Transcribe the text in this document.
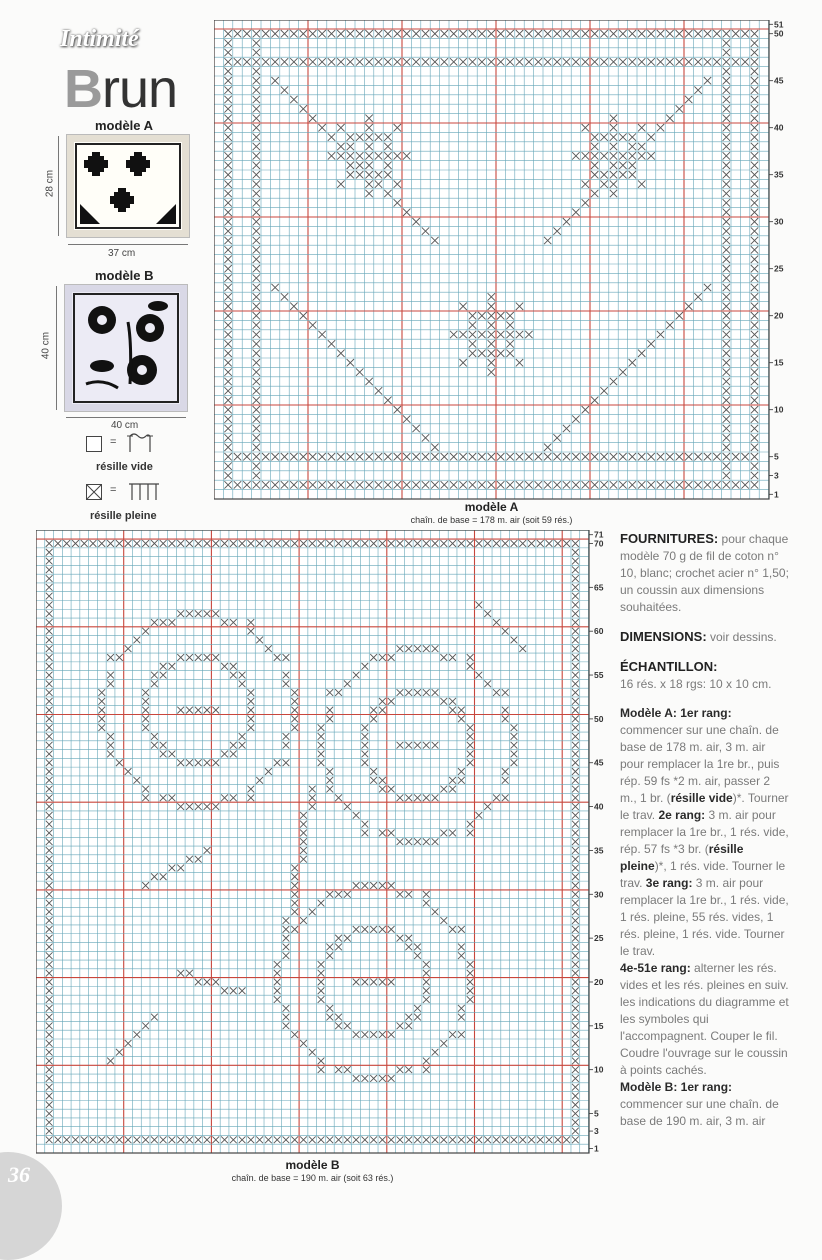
Intimité
Brun
modèle A
28 cm
37 cm
modèle B
40 cm
40 cm
=
résille vide
=
résille pleine
51
50
45
40
35
30
25
20
15
10
5
3
1
modèle A
chaîn. de base = 178 m. air (soit 59 rés.)
71
70
65
60
55
50
45
40
35
30
25
20
15
10
5
3
1
modèle B
chaîn. de base = 190 m. air (soit 63 rés.)

FOURNITURES: pour chaque modèle 70 g de fil de coton n° 10, blanc; crochet acier n° 1,50; un coussin aux dimensions souhaitées.

DIMENSIONS: voir dessins.

ÉCHANTILLON:
16 rés. x 18 rgs: 10 x 10 cm.

Modèle A: 1er rang: commencer sur une chaîn. de base de 178 m. air, 3 m. air pour remplacer la 1re br., puis rép. 59 fs *2 m. air, passer 2 m., 1 br. (résille vide)*. Tourner le trav. 2e rang: 3 m. air pour remplacer la 1re br., 1 rés. vide, rép. 57 fs *3 br. (résille pleine)*, 1 rés. vide. Tourner le trav. 3e rang: 3 m. air pour remplacer la 1re br., 1 rés. vide, 1 rés. pleine, 55 rés. vides, 1 rés. pleine, 1 rés. vide. Tourner le trav.
4e-51e rang: alterner les rés. vides et les rés. pleines en suiv. les indications du diagramme et les symboles qui l'accompagnent. Couper le fil. Coudre l'ouvrage sur le coussin à points cachés.
Modèle B: 1er rang: commencer sur une chaîn. de base de 190 m. air, 3 m. air

36
